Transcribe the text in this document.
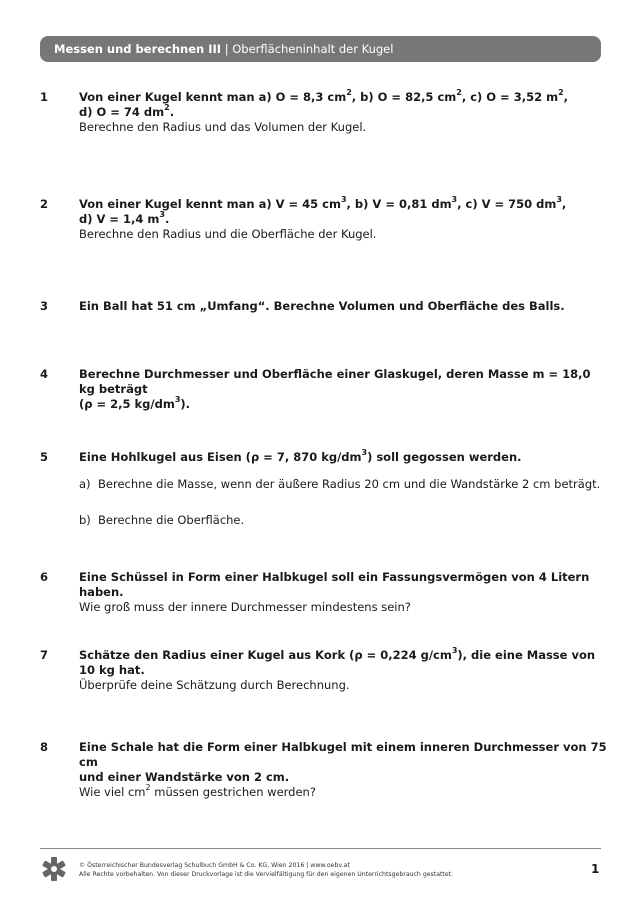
Messen und berechnen III | Oberflächeninhalt der Kugel
1	Von einer Kugel kennt man a) O = 8,3 $cm^2$, b) O = 82,5 $cm^2$, c) O = 3,52 $m^2$,
d) O = 74 $dm^2$.
Berechne den Radius und das Volumen der Kugel.
2	Von einer Kugel kennt man a) V = 45 $cm^3$, b) V = 0,81 $dm^3$, c) V = 750 $dm^3$,
d) V = 1,4 $m^3$.
Berechne den Radius und die Oberfläche der Kugel.
3	Ein Ball hat 51 cm „Umfang“. Berechne Volumen und Oberfläche des Balls.
4	Berechne Durchmesser und Oberfläche einer Glaskugel, deren Masse m = 18,0 kg beträgt
(ρ = 2,5 $kg/dm^3$).
5	Eine Hohlkugel aus Eisen (ρ = 7, 870 $kg/dm^3$) soll gegossen werden.
a) Berechne die Masse, wenn der äußere Radius 20 cm und die Wandstärke 2 cm beträgt.
b) Berechne die Oberfläche.
6	Eine Schüssel in Form einer Halbkugel soll ein Fassungsvermögen von 4 Litern haben.
Wie groß muss der innere Durchmesser mindestens sein?
7	Schätze den Radius einer Kugel aus Kork (ρ = 0,224 $g/cm^3$), die eine Masse von
10 kg hat.
Überprüfe deine Schätzung durch Berechnung.
8	Eine Schale hat die Form einer Halbkugel mit einem inneren Durchmesser von 75 cm
und einer Wandstärke von 2 cm.
Wie viel $cm^2$ müssen gestrichen werden?
© Österreichischer Bundesverlag Schulbuch GmbH & Co. KG, Wien 2016 | www.oebv.at
Alle Rechte vorbehalten. Von dieser Druckvorlage ist die Vervielfältigung für den eigenen Unterrichtsgebrauch gestattet.	1
